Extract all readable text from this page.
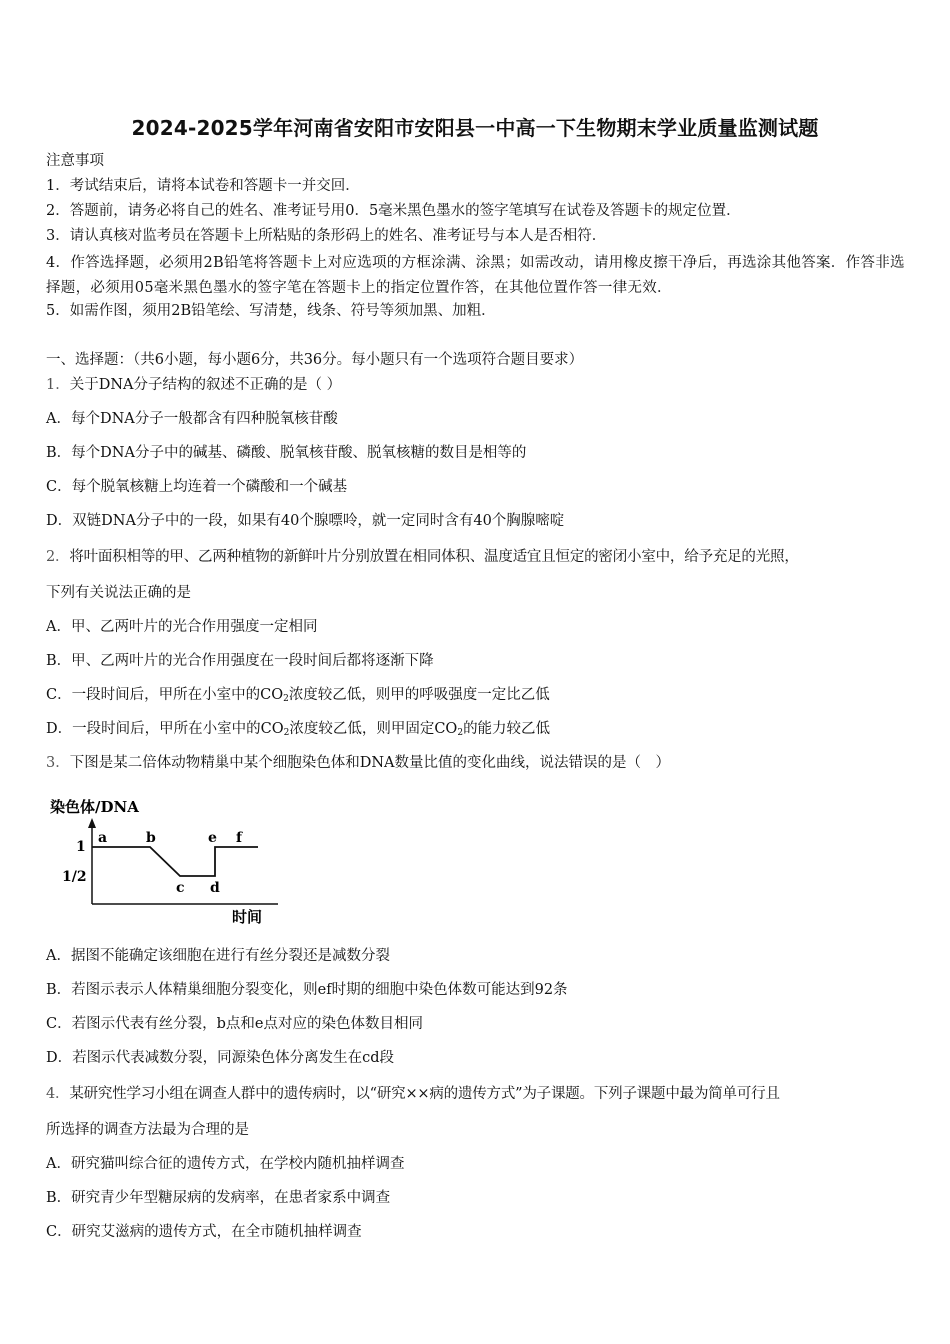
2024-2025学年河南省安阳市安阳县一中高一下生物期末学业质量监测试题
注意事项
1．考试结束后，请将本试卷和答题卡一并交回．
2．答题前，请务必将自己的姓名、准考证号用0．5毫米黑色墨水的签字笔填写在试卷及答题卡的规定位置．
3．请认真核对监考员在答题卡上所粘贴的条形码上的姓名、准考证号与本人是否相符．
4．作答选择题，必须用2B铅笔将答题卡上对应选项的方框涂满、涂黑；如需改动，请用橡皮擦干净后，再选涂其他答案．作答非选择题，必须用05毫米黑色墨水的签字笔在答题卡上的指定位置作答，在其他位置作答一律无效．
5．如需作图，须用2B铅笔绘、写清楚，线条、符号等须加黑、加粗．
一、选择题：（共6小题，每小题6分，共36分。每小题只有一个选项符合题目要求）
1．关于DNA分子结构的叙述不正确的是（ ）
A．每个DNA分子一般都含有四种脱氧核苷酸
B．每个DNA分子中的碱基、磷酸、脱氧核苷酸、脱氧核糖的数目是相等的
C．每个脱氧核糖上均连着一个磷酸和一个碱基
D．双链DNA分子中的一段，如果有40个腺嘌呤，就一定同时含有40个胸腺嘧啶
2．将叶面积相等的甲、乙两种植物的新鲜叶片分别放置在相同体积、温度适宜且恒定的密闭小室中，给予充足的光照，
下列有关说法正确的是
A．甲、乙两叶片的光合作用强度一定相同
B．甲、乙两叶片的光合作用强度在一段时间后都将逐渐下降
C．一段时间后，甲所在小室中的$CO_2$浓度较乙低，则甲的呼吸强度一定比乙低
D．一段时间后，甲所在小室中的$CO_2$浓度较乙低，则甲固定$CO_2$的能力较乙低
3．下图是某二倍体动物精巢中某个细胞染色体和DNA数量比值的变化曲线，说法错误的是（　）
染色体/DNA
1
1/2
a	b
c d
e f
时间
A．据图不能确定该细胞在进行有丝分裂还是减数分裂
B．若图示表示人体精巢细胞分裂变化，则ef时期的细胞中染色体数可能达到92条
C．若图示代表有丝分裂，b点和e点对应的染色体数目相同
D．若图示代表减数分裂，同源染色体分离发生在cd段
4．某研究性学习小组在调查人群中的遗传病时，以“研究××病的遗传方式”为子课题。下列子课题中最为简单可行且
所选择的调查方法最为合理的是
A．研究猫叫综合征的遗传方式，在学校内随机抽样调查
B．研究青少年型糖尿病的发病率，在患者家系中调查
C．研究艾滋病的遗传方式，在全市随机抽样调查
